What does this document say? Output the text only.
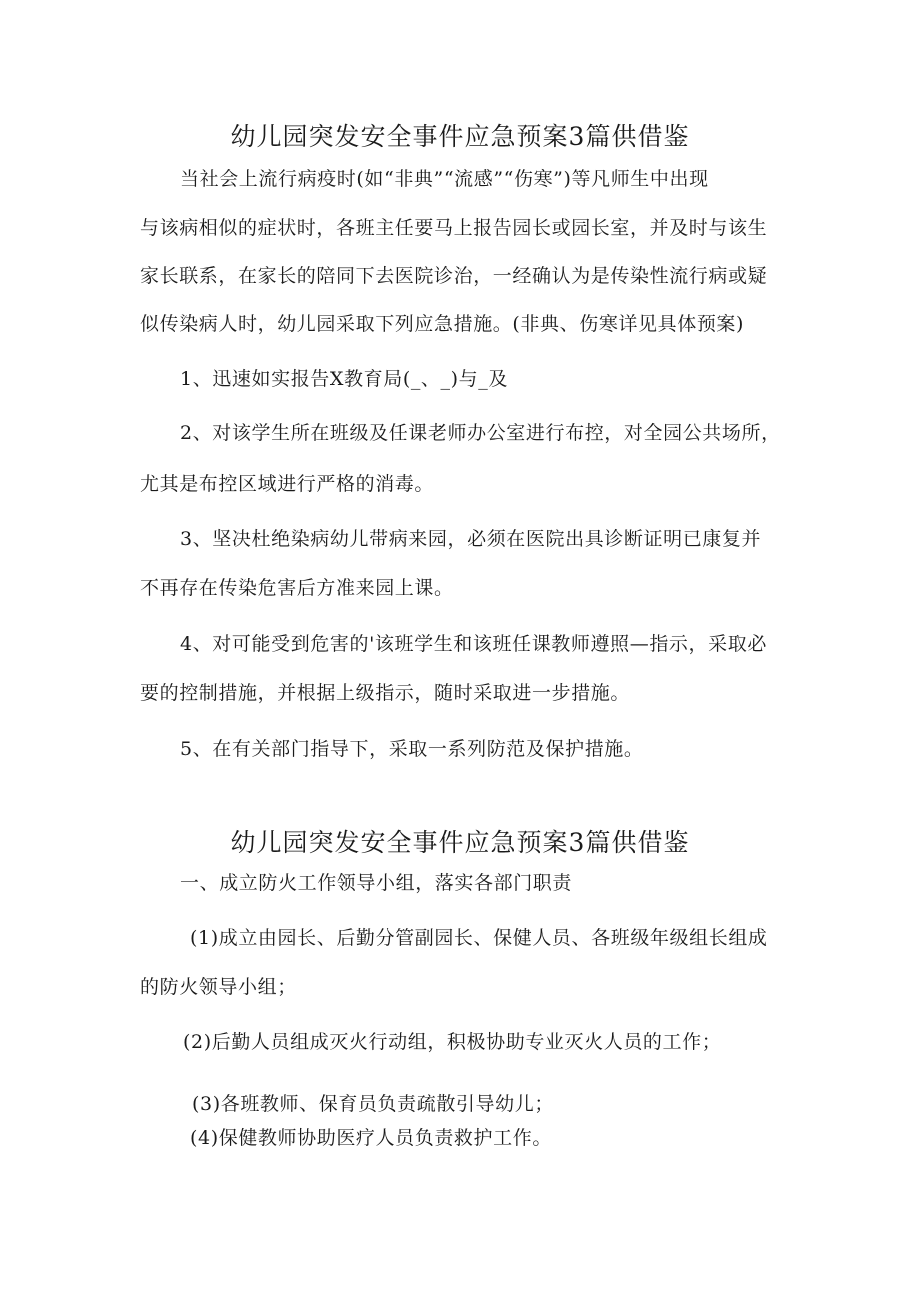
幼儿园突发安全事件应急预案3篇供借鉴
当社会上流行病疫时(如“非典”“流感”“伤寒”)等凡师生中出现
与该病相似的症状时，各班主任要马上报告园长或园长室，并及时与该生
家长联系，在家长的陪同下去医院诊治，一经确认为是传染性流行病或疑
似传染病人时，幼儿园采取下列应急措施。(非典、伤寒详见具体预案)
1、迅速如实报告X教育局(_、_)与_及
2、对该学生所在班级及任课老师办公室进行布控，对全园公共场所，
尤其是布控区域进行严格的消毒。
3、坚决杜绝染病幼儿带病来园，必须在医院出具诊断证明已康复并
不再存在传染危害后方准来园上课。
4、对可能受到危害的'该班学生和该班任课教师遵照—指示，采取必
要的控制措施，并根据上级指示，随时采取进一步措施。
5、在有关部门指导下，采取一系列防范及保护措施。
幼儿园突发安全事件应急预案3篇供借鉴
一、成立防火工作领导小组，落实各部门职责
(1)成立由园长、后勤分管副园长、保健人员、各班级年级组长组成
的防火领导小组；
(2)后勤人员组成灭火行动组，积极协助专业灭火人员的工作；
(3)各班教师、保育员负责疏散引导幼儿；
(4)保健教师协助医疗人员负责救护工作。
